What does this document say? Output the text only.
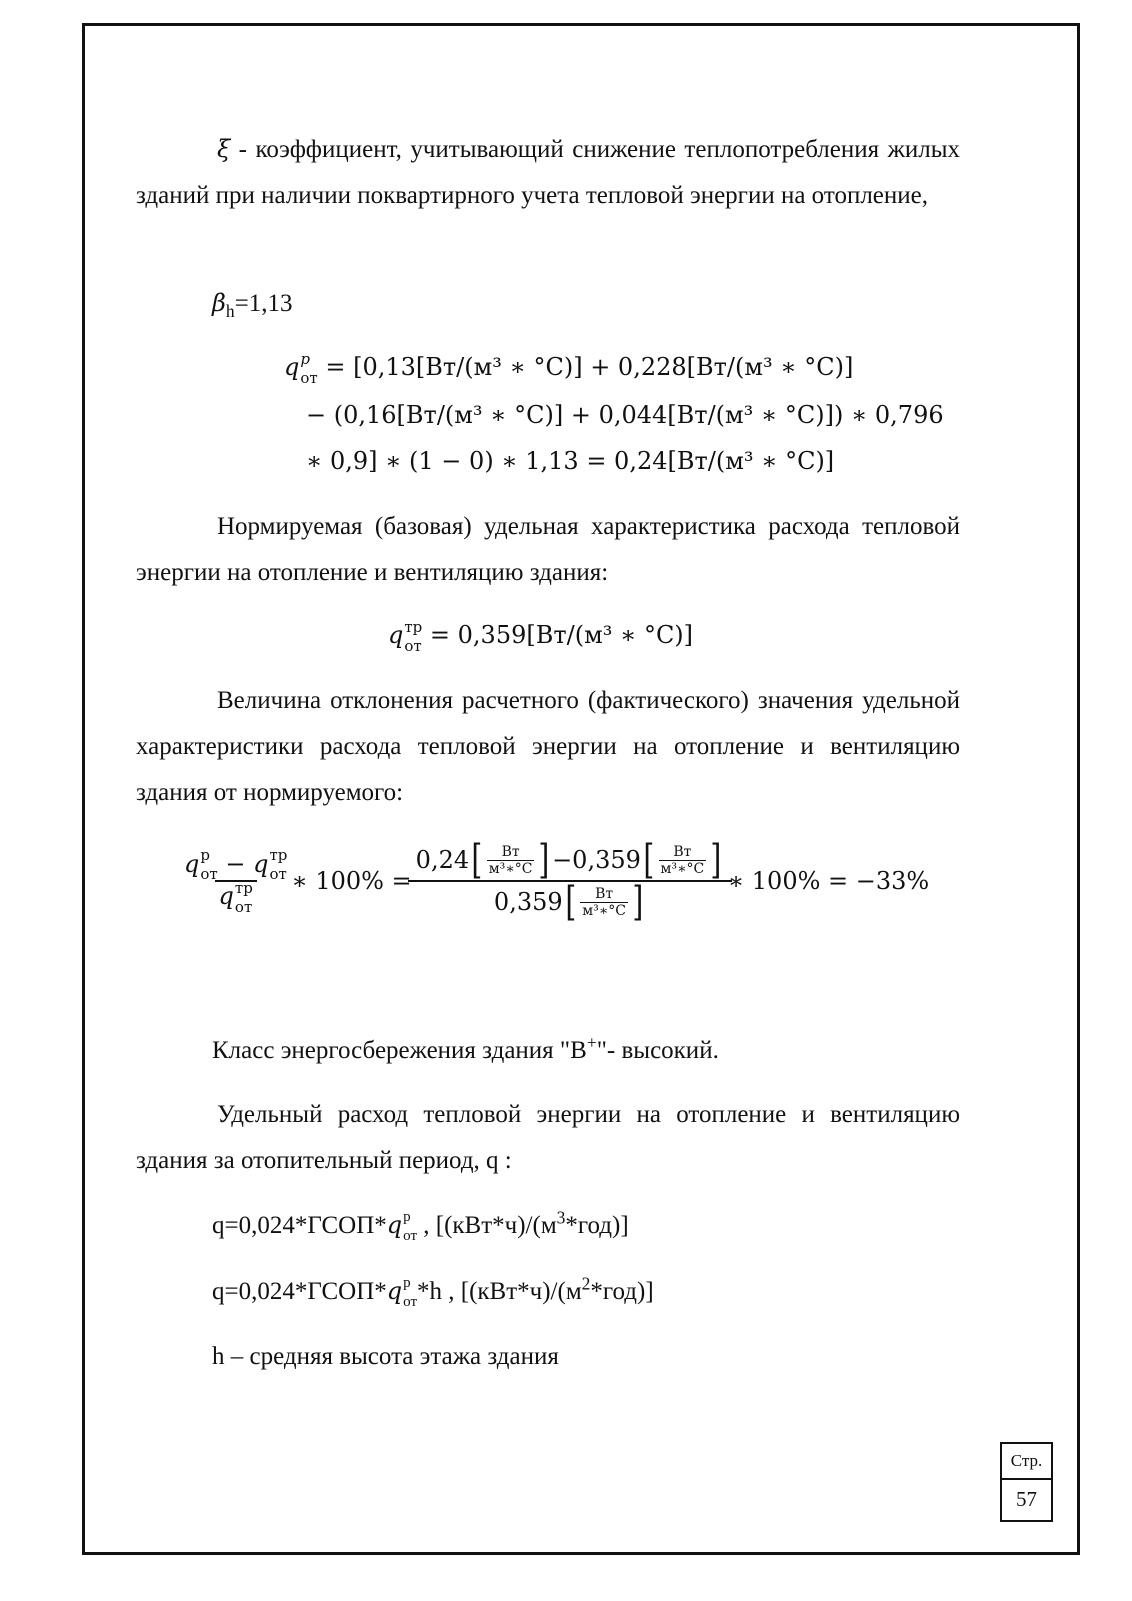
ξ - коэффициент, учитывающий снижение теплопотребления жилых зданий при наличии поквартирного учета тепловой энергии на отопление,
$\beta_h=1,13$
q p
от = [0,13[Вт/(м³ ∗ °С)] + 0,228[Вт/(м³ ∗ °С)]
− (0,16[Вт/(м³ ∗ °С)] + 0,044[Вт/(м³ ∗ °С)]) ∗ 0,796
∗ 0,9] ∗ (1 − 0) ∗ 1,13 = 0,24[Вт/(м³ ∗ °С)]
Нормируемая (базовая) удельная характеристика расхода тепловой энергии на отопление и вентиляцию здания:
q тр
от = 0,359[Вт/(м³ ∗ °С)]
Величина отклонения расчетного (фактического) значения удельной характеристики расхода тепловой энергии на отопление и вентиляцию здания от нормируемого:
q р
от − q тр
от
q тр
от ∗ $100\% = \frac{0,24 [ \frac{Вт}{\text{м³∗°С}} ] - 0,359 [ \frac{Вт}{\text{м³∗°С}} ]}{0,359 [ \frac{Вт}{\text{м³∗°С}} ]}$ ∗ 100% = −33%
Класс энергосбережения здания "В+"- высокий.
Удельный расход тепловой энергии на отопление и вентиляцию здания за отопительный период, q :
q=0,024*ГСОП*q р
от , $[(кВт*ч)/(м^3*год)]$
q=0,024*ГСОП*q р
от *h , $[(кВт*ч)/(м^2*год)]$
h – средняя высота этажа здания
Стр.
57
